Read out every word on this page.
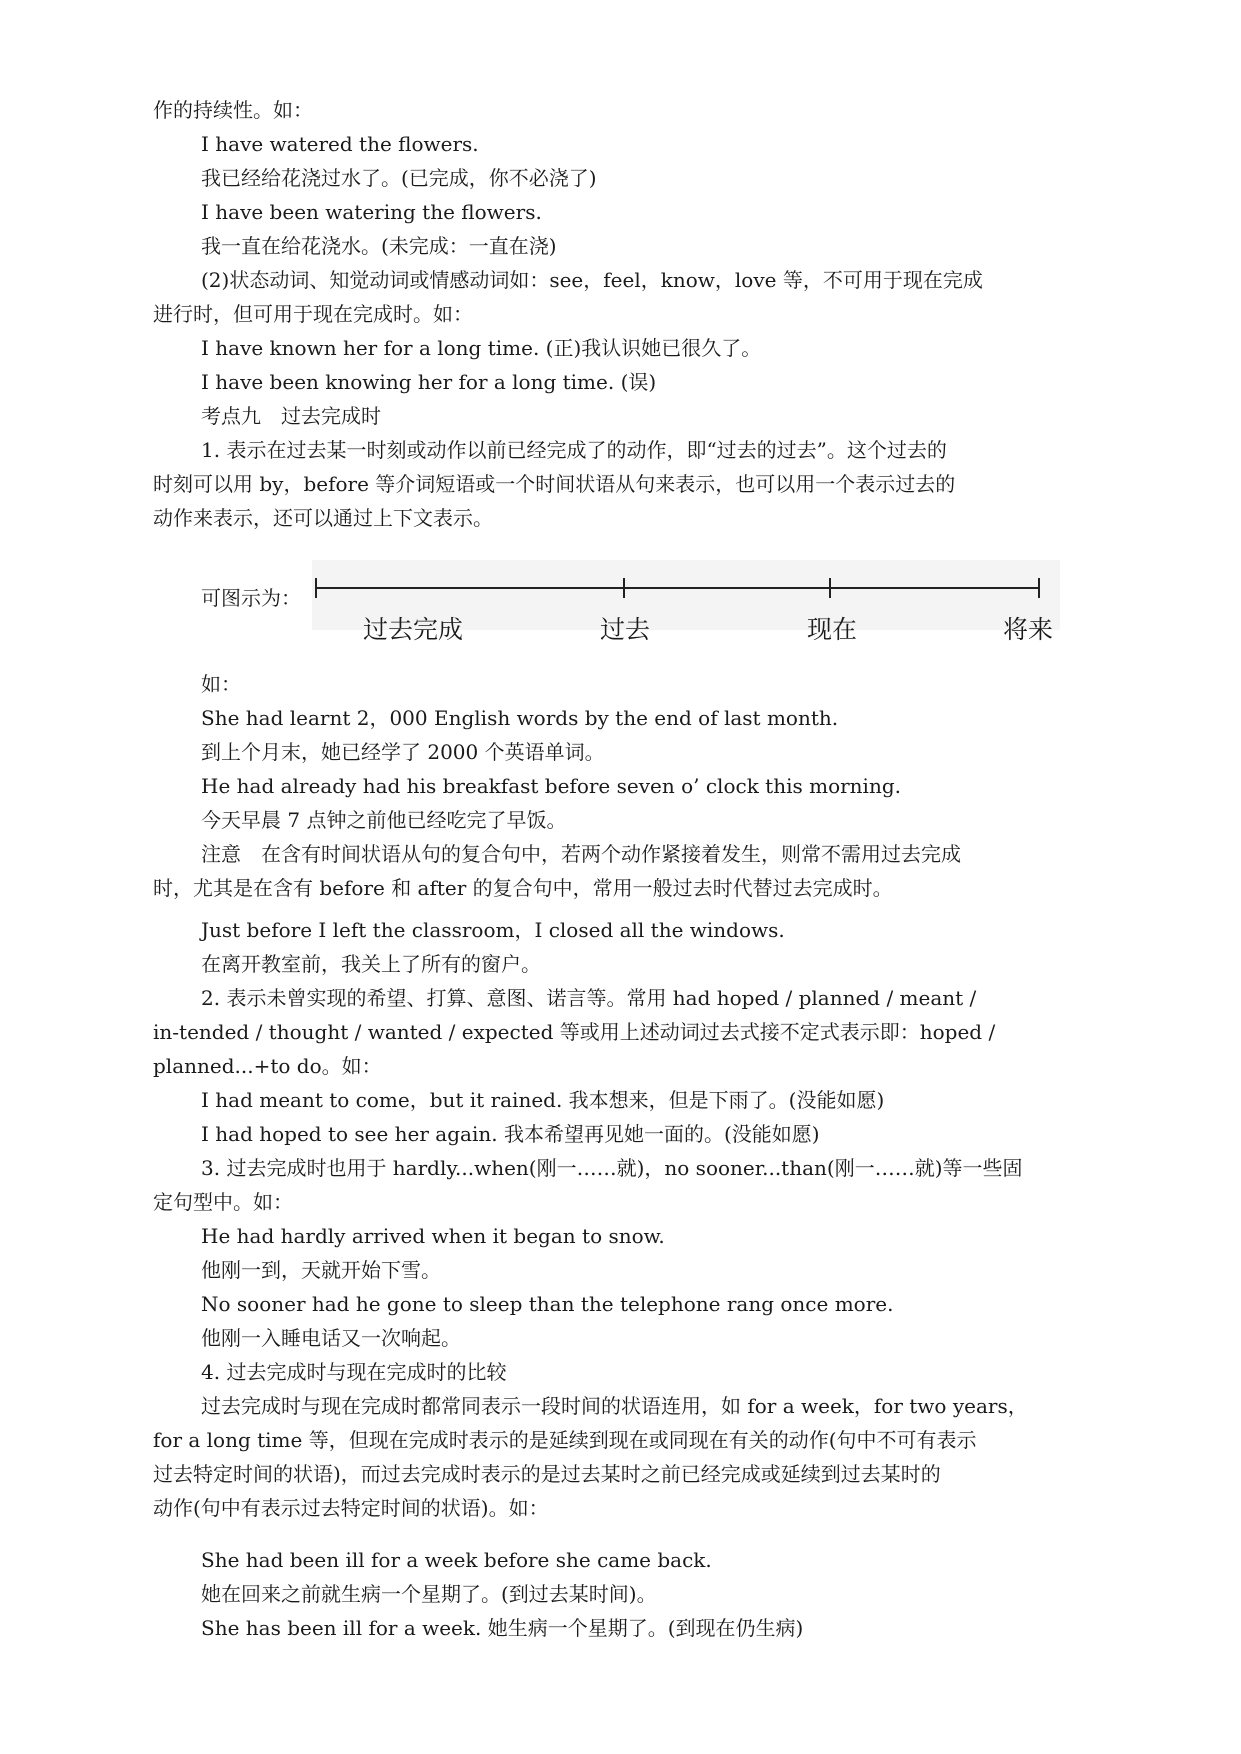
作的持续性。如：
I have watered the flowers.
我已经给花浇过水了。(已完成，你不必浇了)
I have been watering the flowers.
我一直在给花浇水。(未完成：一直在浇)
(2)状态动词、知觉动词或情感动词如：see，feel，know，love 等，不可用于现在完成
进行时，但可用于现在完成时。如：
I have known her for a long time. (正)我认识她已很久了。
I have been knowing her for a long time. (误)
考点九　过去完成时
1. 表示在过去某一时刻或动作以前已经完成了的动作，即“过去的过去”。这个过去的
时刻可以用 by，before 等介词短语或一个时间状语从句来表示，也可以用一个表示过去的
动作来表示，还可以通过上下文表示。
可图示为：
过去完成	过去	现在	将来
如：
She had learnt 2，000 English words by the end of last month.
到上个月末，她已经学了 2000 个英语单词。
He had already had his breakfast before seven o’ clock this morning.
今天早晨 7 点钟之前他已经吃完了早饭。
注意　在含有时间状语从句的复合句中，若两个动作紧接着发生，则常不需用过去完成
时，尤其是在含有 before 和 after 的复合句中，常用一般过去时代替过去完成时。
Just before I left the classroom，I closed all the windows.
在离开教室前，我关上了所有的窗户。
2. 表示未曾实现的希望、打算、意图、诺言等。常用 had hoped / planned / meant /
in-tended / thought / wanted / expected 等或用上述动词过去式接不定式表示即：hoped /
planned...+to do。如：
I had meant to come，but it rained. 我本想来，但是下雨了。(没能如愿)
I had hoped to see her again. 我本希望再见她一面的。(没能如愿)
3. 过去完成时也用于 hardly...when(刚一……就)，no sooner...than(刚一……就)等一些固
定句型中。如：
He had hardly arrived when it began to snow.
他刚一到，天就开始下雪。
No sooner had he gone to sleep than the telephone rang once more.
他刚一入睡电话又一次响起。
4. 过去完成时与现在完成时的比较
过去完成时与现在完成时都常同表示一段时间的状语连用，如 for a week，for two years，
for a long time 等，但现在完成时表示的是延续到现在或同现在有关的动作(句中不可有表示
过去特定时间的状语)，而过去完成时表示的是过去某时之前已经完成或延续到过去某时的
动作(句中有表示过去特定时间的状语)。如：
She had been ill for a week before she came back.
她在回来之前就生病一个星期了。(到过去某时间)。
She has been ill for a week. 她生病一个星期了。(到现在仍生病)
